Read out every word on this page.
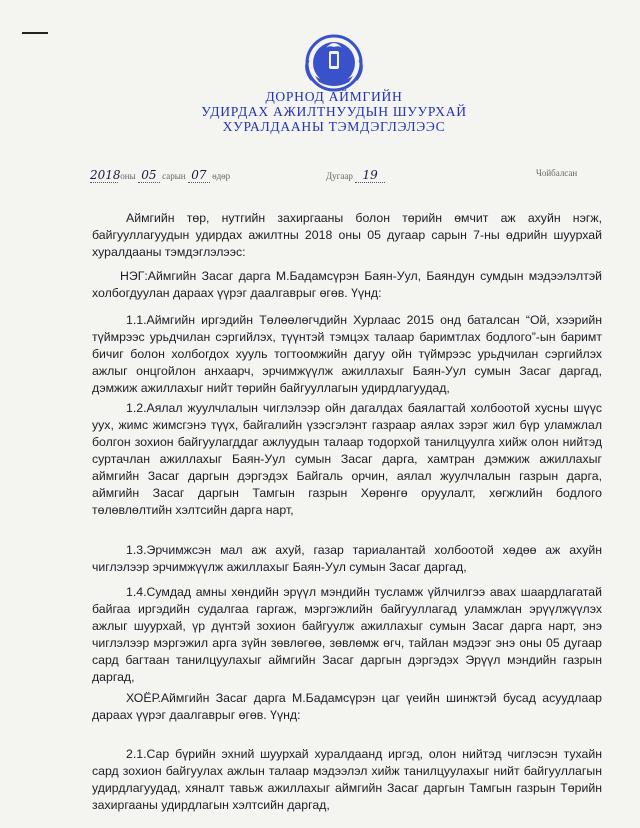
ДОРНОД АЙМГИЙН
УДИРДАХ АЖИЛТНУУДЫН ШУУРХАЙ
ХУРАЛДААНЫ ТЭМДЭГЛЭЛЭЭС
2018 оны 05 сарын 07 өдөр	Дугаар 19	Чойбалсан
Аймгийн төр, нутгийн захиргааны болон төрийн өмчит аж ахуйн нэгж, байгууллагуудын удирдах ажилтны 2018 оны 05 дугаар сарын 7-ны өдрийн шуурхай хуралдааны тэмдэглэлээс:
НЭГ:Аймгийн Засаг дарга М.Бадамсүрэн Баян-Уул, Баяндун сумдын мэдээлэлтэй холбогдуулан дараах үүрэг даалгаврыг өгөв. Үүнд:
1.1.Аймгийн иргэдийн Төлөөлөгчдийн Хурлаас 2015 онд баталсан “Ой, хээрийн түймрээс урьдчилан сэргийлэх, түүнтэй тэмцэх талаар баримтлах бодлого”-ын баримт бичиг болон холбогдох хууль тогтоомжийн дагуу ойн түймрээс урьдчилан сэргийлэх ажлыг онцгойлон анхаарч, эрчимжүүлж ажиллахыг Баян-Уул сумын Засаг даргад, дэмжиж ажиллахыг нийт төрийн байгууллагын удирдлагуудад,
1.2.Аялал жуулчлалын чиглэлээр ойн дагалдах баялагтай холбоотой хусны шүүс уух, жимс жимсгэнэ түүх, байгалийн үзэсгэлэнт газраар аялах зэрэг жил бүр уламжлал болгон зохион байгуулагддаг ажлуудын талаар тодорхой танилцуулга хийж олон нийтэд суртачлан ажиллахыг Баян-Уул сумын Засаг дарга, хамтран дэмжиж ажиллахыг аймгийн Засаг даргын дэргэдэх Байгаль орчин, аялал жуулчлалын газрын дарга, аймгийн Засаг даргын Тамгын газрын Хөрөнгө оруулалт, хөгжлийн бодлого төлөвлөлтийн хэлтсийн дарга нарт,
1.3.Эрчимжсэн мал аж ахуй, газар тариалантай холбоотой хөдөө аж ахуйн чиглэлээр эрчимжүүлж ажиллахыг Баян-Уул сумын Засаг даргад,
1.4.Сумдад амны хөндийн эрүүл мэндийн тусламж үйлчилгээ авах шаардлагатай байгаа иргэдийн судалгаа гаргаж, мэргэжлийн байгууллагад уламжлан эрүүлжүүлэх ажлыг шуурхай, үр дүнтэй зохион байгуулж ажиллахыг сумын Засаг дарга нарт, энэ чиглэлээр мэргэжил арга зүйн зөвлөгөө, зөвлөмж өгч, тайлан мэдээг энэ оны 05 дугаар сард багтаан танилцуулахыг аймгийн Засаг даргын дэргэдэх Эрүүл мэндийн газрын даргад,
ХОЁР.Аймгийн Засаг дарга М.Бадамсүрэн цаг үеийн шинжтэй бусад асуудлаар дараах үүрэг даалгаврыг өгөв. Үүнд:
2.1.Сар бүрийн эхний шуурхай хуралдаанд иргэд, олон нийтэд чиглэсэн тухайн сард зохион байгуулах ажлын талаар мэдээлэл хийж танилцуулахыг нийт байгууллагын удирдлагуудад, хяналт тавьж ажиллахыг аймгийн Засаг даргын Тамгын газрын Төрийн захиргааны удирдлагын хэлтсийн даргад,
